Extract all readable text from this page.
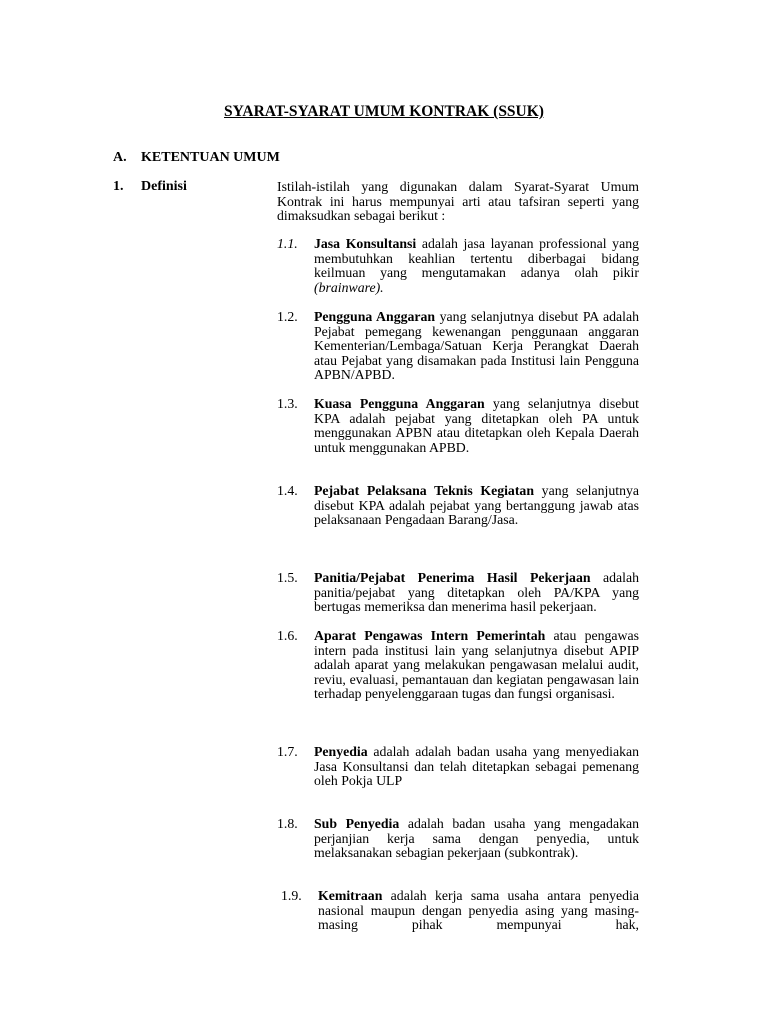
SYARAT-SYARAT UMUM KONTRAK (SSUK)
A. KETENTUAN UMUM
1. Definisi	Istilah-istilah yang digunakan dalam Syarat-Syarat Umum Kontrak ini harus mempunyai arti atau tafsiran seperti yang dimaksudkan sebagai berikut :
1.1. Jasa Konsultansi adalah jasa layanan professional yang membutuhkan keahlian tertentu diberbagai bidang keilmuan yang mengutamakan adanya olah pikir (brainware).
1.2. Pengguna Anggaran yang selanjutnya disebut PA adalah Pejabat pemegang kewenangan penggunaan anggaran Kementerian/Lembaga/Satuan Kerja Perangkat Daerah atau Pejabat yang disamakan pada Institusi lain Pengguna APBN/APBD.
1.3. Kuasa Pengguna Anggaran yang selanjutnya disebut KPA adalah pejabat yang ditetapkan oleh PA untuk menggunakan APBN atau ditetapkan oleh Kepala Daerah untuk menggunakan APBD.
1.4. Pejabat Pelaksana Teknis Kegiatan yang selanjutnya disebut KPA adalah pejabat yang bertanggung jawab atas pelaksanaan Pengadaan Barang/Jasa.
1.5. Panitia/Pejabat Penerima Hasil Pekerjaan adalah panitia/pejabat yang ditetapkan oleh PA/KPA yang bertugas memeriksa dan menerima hasil pekerjaan.
1.6. Aparat Pengawas Intern Pemerintah atau pengawas intern pada institusi lain yang selanjutnya disebut APIP adalah aparat yang melakukan pengawasan melalui audit, reviu, evaluasi, pemantauan dan kegiatan pengawasan lain terhadap penyelenggaraan tugas dan fungsi organisasi.
1.7. Penyedia adalah adalah badan usaha yang menyediakan Jasa Konsultansi dan telah ditetapkan sebagai pemenang oleh Pokja ULP
1.8. Sub Penyedia adalah badan usaha yang mengadakan perjanjian kerja sama dengan penyedia, untuk melaksanakan sebagian pekerjaan (subkontrak).
1.9. Kemitraan adalah kerja sama usaha antara penyedia nasional maupun dengan penyedia asing yang masing-masing pihak mempunyai hak,
